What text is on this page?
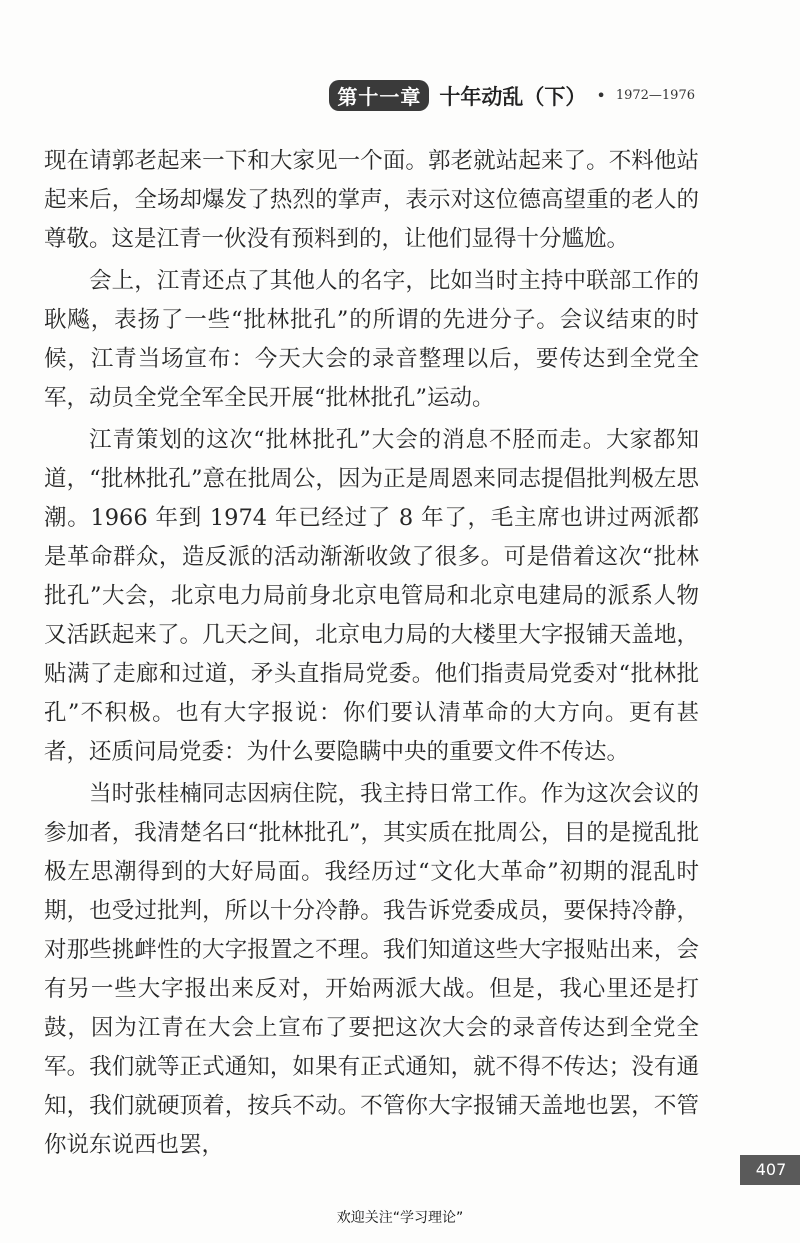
第十一章 十年动乱（下） • 1972—1976

现在请郭老起来一下和大家见一个面。郭老就站起来了。不料他站起来后，全场却爆发了热烈的掌声，表示对这位德高望重的老人的尊敬。这是江青一伙没有预料到的，让他们显得十分尴尬。

会上，江青还点了其他人的名字，比如当时主持中联部工作的耿飚，表扬了一些“批林批孔”的所谓的先进分子。会议结束的时候，江青当场宣布：今天大会的录音整理以后，要传达到全党全军，动员全党全军全民开展“批林批孔”运动。

江青策划的这次“批林批孔”大会的消息不胫而走。大家都知道，“批林批孔”意在批周公，因为正是周恩来同志提倡批判极左思潮。1966 年到 1974 年已经过了 8 年了，毛主席也讲过两派都是革命群众，造反派的活动渐渐收敛了很多。可是借着这次“批林批孔”大会，北京电力局前身北京电管局和北京电建局的派系人物又活跃起来了。几天之间，北京电力局的大楼里大字报铺天盖地，贴满了走廊和过道，矛头直指局党委。他们指责局党委对“批林批孔”不积极。也有大字报说：你们要认清革命的大方向。更有甚者，还质问局党委：为什么要隐瞒中央的重要文件不传达。

当时张桂楠同志因病住院，我主持日常工作。作为这次会议的参加者，我清楚名曰“批林批孔”，其实质在批周公，目的是搅乱批极左思潮得到的大好局面。我经历过“文化大革命”初期的混乱时期，也受过批判，所以十分冷静。我告诉党委成员，要保持冷静，对那些挑衅性的大字报置之不理。我们知道这些大字报贴出来，会有另一些大字报出来反对，开始两派大战。但是，我心里还是打鼓，因为江青在大会上宣布了要把这次大会的录音传达到全党全军。我们就等正式通知，如果有正式通知，就不得不传达；没有通知，我们就硬顶着，按兵不动。不管你大字报铺天盖地也罢，不管你说东说西也罢，

407
欢迎关注“学习理论”
